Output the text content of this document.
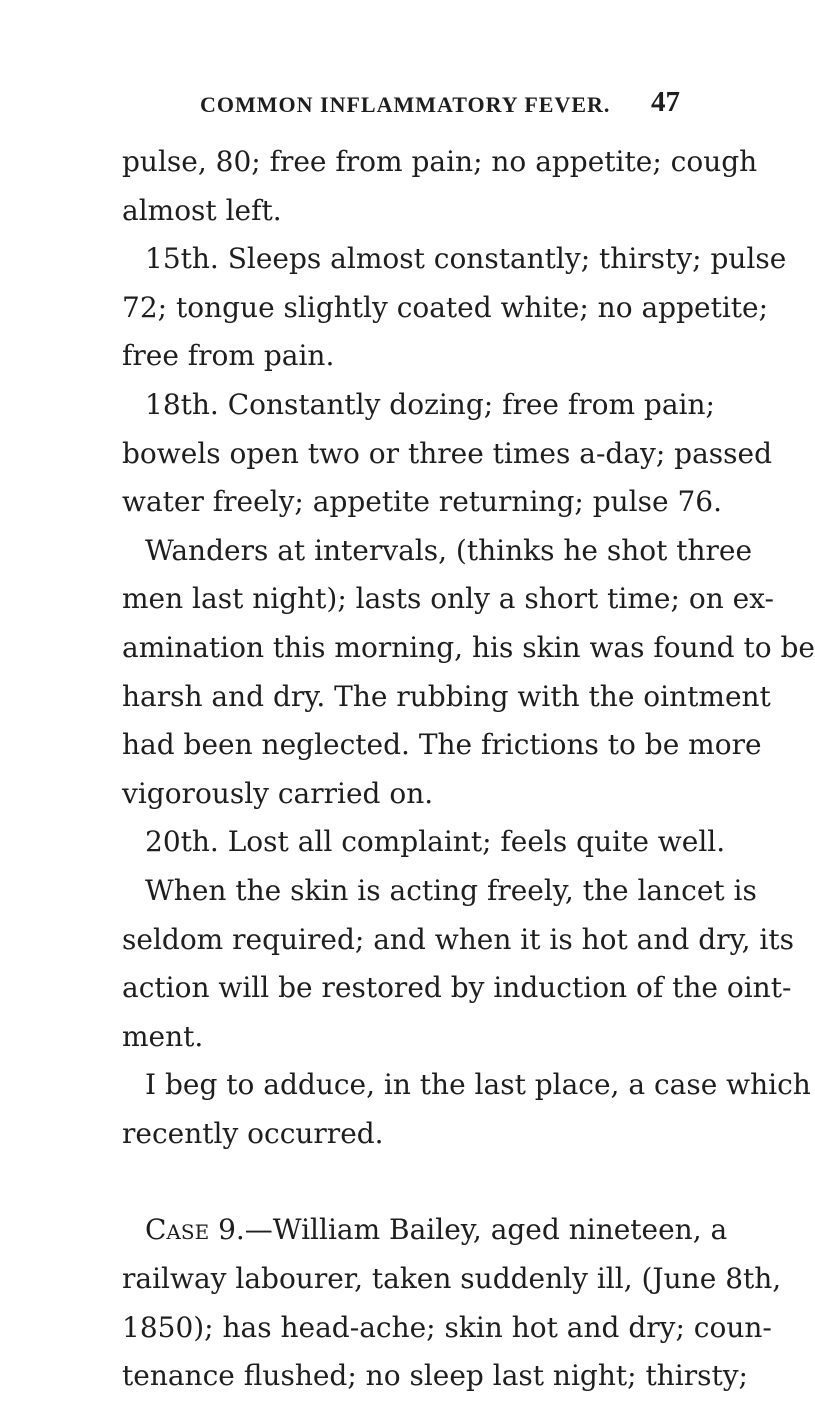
COMMON INFLAMMATORY FEVER. 47
pulse, 80; free from pain; no appetite; cough
almost left.
15th. Sleeps almost constantly; thirsty; pulse
72; tongue slightly coated white; no appetite;
free from pain.
18th. Constantly dozing; free from pain;
bowels open two or three times a-day; passed
water freely; appetite returning; pulse 76.
Wanders at intervals, (thinks he shot three
men last night); lasts only a short time; on ex-
amination this morning, his skin was found to be
harsh and dry. The rubbing with the ointment
had been neglected. The frictions to be more
vigorously carried on.
20th. Lost all complaint; feels quite well.
When the skin is acting freely, the lancet is
seldom required; and when it is hot and dry, its
action will be restored by induction of the oint-
ment.
I beg to adduce, in the last place, a case which
recently occurred.
Case 9.—William Bailey, aged nineteen, a
railway labourer, taken suddenly ill, (June 8th,
1850); has head-ache; skin hot and dry; coun-
tenance flushed; no sleep last night; thirsty;
